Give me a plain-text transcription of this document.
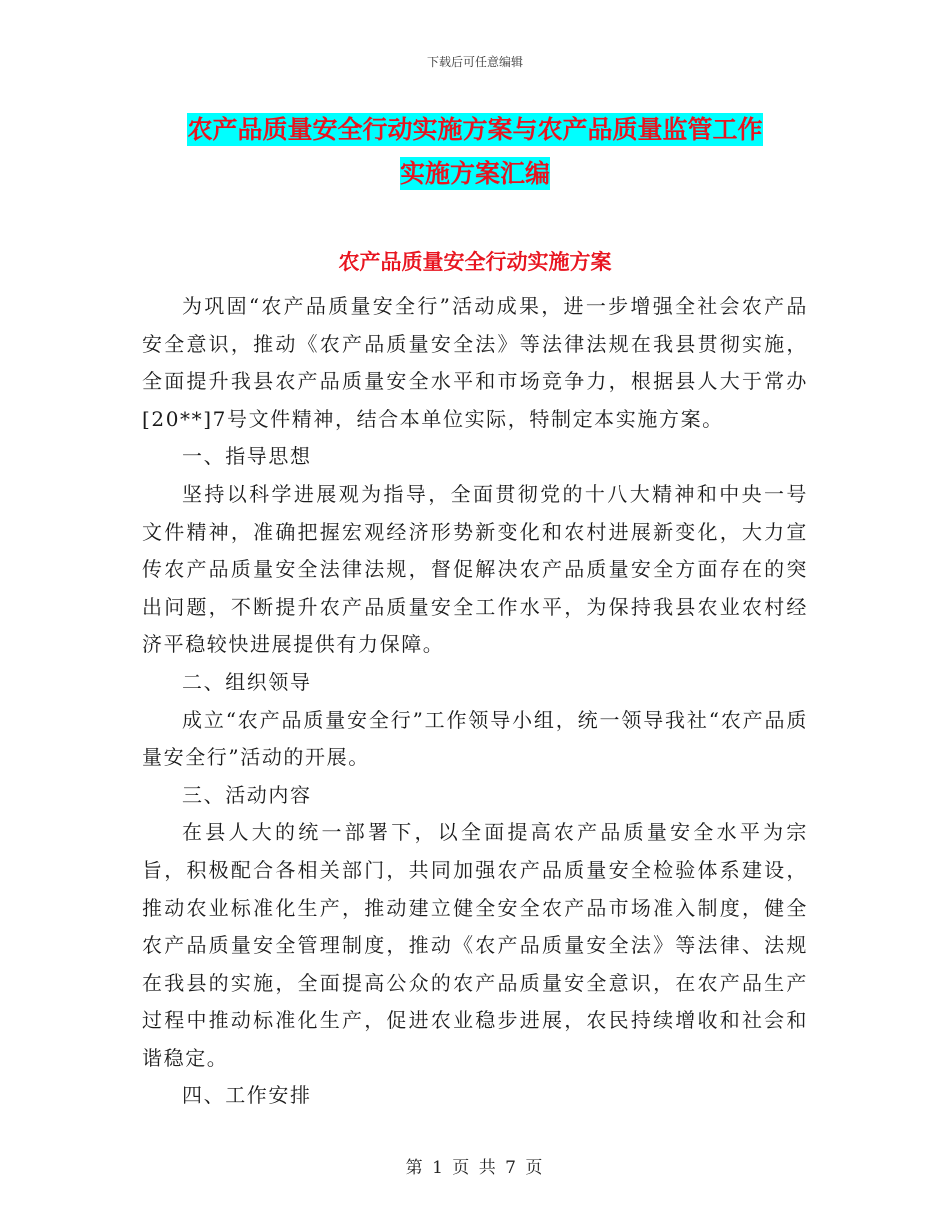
下载后可任意编辑
农产品质量安全行动实施方案与农产品质量监管工作
实施方案汇编
农产品质量安全行动实施方案

为巩固“农产品质量安全行”活动成果，进一步增强全社会农产品安全意识，推动《农产品质量安全法》等法律法规在我县贯彻实施，全面提升我县农产品质量安全水平和市场竞争力，根据县人大于常办[20**]7号文件精神，结合本单位实际，特制定本实施方案。

一、指导思想

坚持以科学进展观为指导，全面贯彻党的十八大精神和中央一号文件精神，准确把握宏观经济形势新变化和农村进展新变化，大力宣传农产品质量安全法律法规，督促解决农产品质量安全方面存在的突出问题，不断提升农产品质量安全工作水平，为保持我县农业农村经济平稳较快进展提供有力保障。

二、组织领导

成立“农产品质量安全行”工作领导小组，统一领导我社“农产品质量安全行”活动的开展。

三、活动内容

在县人大的统一部署下，以全面提高农产品质量安全水平为宗旨，积极配合各相关部门，共同加强农产品质量安全检验体系建设，推动农业标准化生产，推动建立健全安全农产品市场准入制度，健全农产品质量安全管理制度，推动《农产品质量安全法》等法律、法规在我县的实施，全面提高公众的农产品质量安全意识，在农产品生产过程中推动标准化生产，促进农业稳步进展，农民持续增收和社会和谐稳定。

四、工作安排

第 1 页 共 7 页
